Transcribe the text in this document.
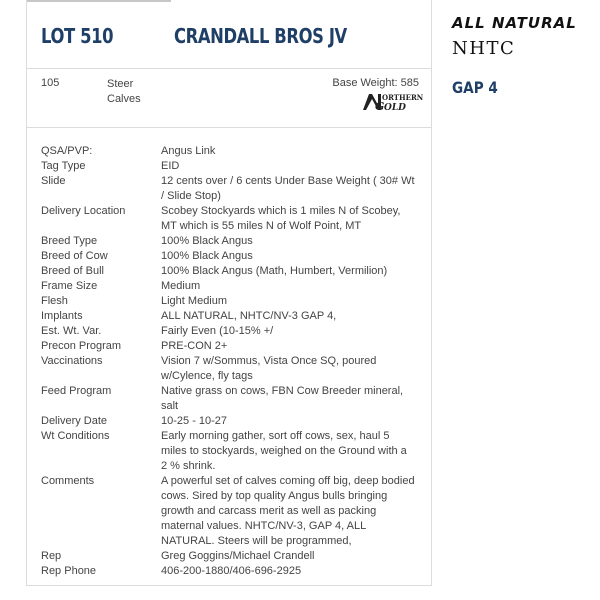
LOT 510	CRANDALL BROS JV
105	Steer
Calves
Base Weight: 585
ORTHERN
OLD
G
QSA/PVP:	Angus Link
Tag Type	EID
Slide	12 cents over / 6 cents Under Base Weight ( 30# Wt / Slide Stop)
Delivery Location	Scobey Stockyards which is 1 miles N of Scobey, MT which is 55 miles N of Wolf Point, MT
Breed Type	100% Black Angus
Breed of Cow	100% Black Angus
Breed of Bull	100% Black Angus (Math, Humbert, Vermilion)
Frame Size	Medium
Flesh	Light Medium
Implants	ALL NATURAL, NHTC/NV-3 GAP 4,
Est. Wt. Var.	Fairly Even (10-15% +/
Precon Program	PRE-CON 2+
Vaccinations	Vision 7 w/Sommus, Vista Once SQ, poured w/Cylence, fly tags
Feed Program	Native grass on cows, FBN Cow Breeder mineral, salt
Delivery Date	10-25 - 10-27
Wt Conditions	Early morning gather, sort off cows, sex, haul 5 miles to stockyards, weighed on the Ground with a 2 % shrink.
Comments	A powerful set of calves coming off big, deep bodied cows. Sired by top quality Angus bulls bringing growth and carcass merit as well as packing maternal values. NHTC/NV-3, GAP 4, ALL NATURAL. Steers will be programmed,
Rep	Greg Goggins/Michael Crandell
Rep Phone	406-200-1880/406-696-2925
ALL NATURAL
NHTC
GAP 4
